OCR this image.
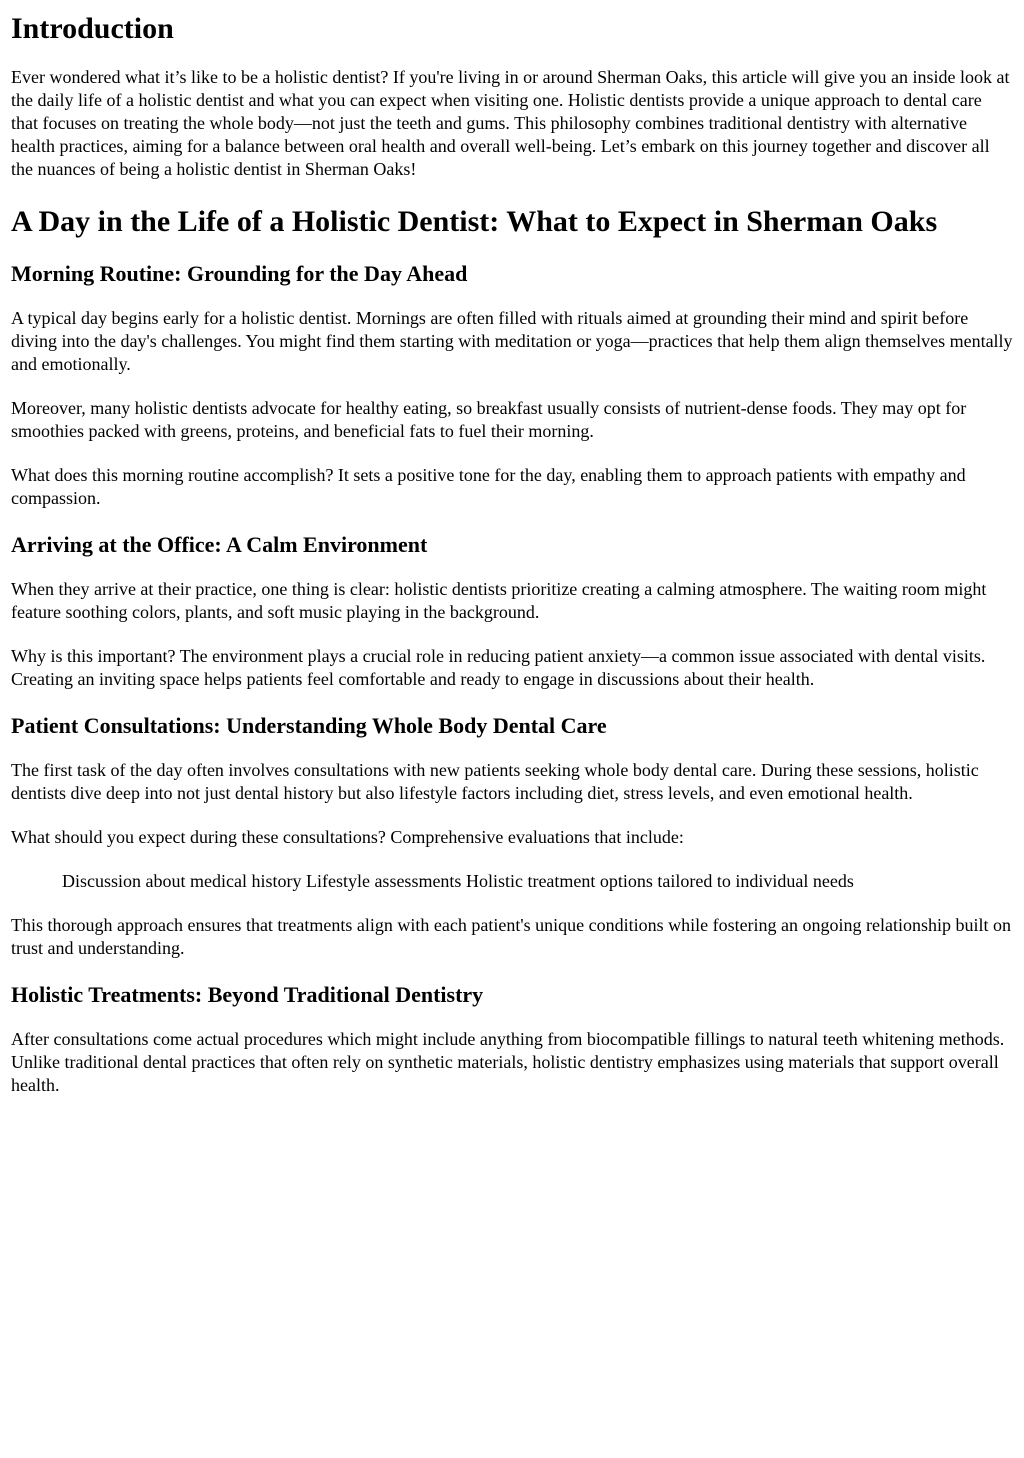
Introduction

Ever wondered what it’s like to be a holistic dentist? If you're living in or around Sherman Oaks, this article will give you an inside look at the daily life of a holistic dentist and what you can expect when visiting one. Holistic dentists provide a unique approach to dental care that focuses on treating the whole body—not just the teeth and gums. This philosophy combines traditional dentistry with alternative health practices, aiming for a balance between oral health and overall well-being. Let’s embark on this journey together and discover all the nuances of being a holistic dentist in Sherman Oaks!

A Day in the Life of a Holistic Dentist: What to Expect in Sherman Oaks
Morning Routine: Grounding for the Day Ahead

A typical day begins early for a holistic dentist. Mornings are often filled with rituals aimed at grounding their mind and spirit before diving into the day's challenges. You might find them starting with meditation or yoga—practices that help them align themselves mentally and emotionally.

Moreover, many holistic dentists advocate for healthy eating, so breakfast usually consists of nutrient-dense foods. They may opt for smoothies packed with greens, proteins, and beneficial fats to fuel their morning.

What does this morning routine accomplish? It sets a positive tone for the day, enabling them to approach patients with empathy and compassion.

Arriving at the Office: A Calm Environment

When they arrive at their practice, one thing is clear: holistic dentists prioritize creating a calming atmosphere. The waiting room might feature soothing colors, plants, and soft music playing in the background.

Why is this important? The environment plays a crucial role in reducing patient anxiety—a common issue associated with dental visits. Creating an inviting space helps patients feel comfortable and ready to engage in discussions about their health.

Patient Consultations: Understanding Whole Body Dental Care

The first task of the day often involves consultations with new patients seeking whole body dental care. During these sessions, holistic dentists dive deep into not just dental history but also lifestyle factors including diet, stress levels, and even emotional health.

What should you expect during these consultations? Comprehensive evaluations that include:

Discussion about medical history Lifestyle assessments Holistic treatment options tailored to individual needs

This thorough approach ensures that treatments align with each patient's unique conditions while fostering an ongoing relationship built on trust and understanding.

Holistic Treatments: Beyond Traditional Dentistry

After consultations come actual procedures which might include anything from biocompatible fillings to natural teeth whitening methods. Unlike traditional dental practices that often rely on synthetic materials, holistic dentistry emphasizes using materials that support overall health.
